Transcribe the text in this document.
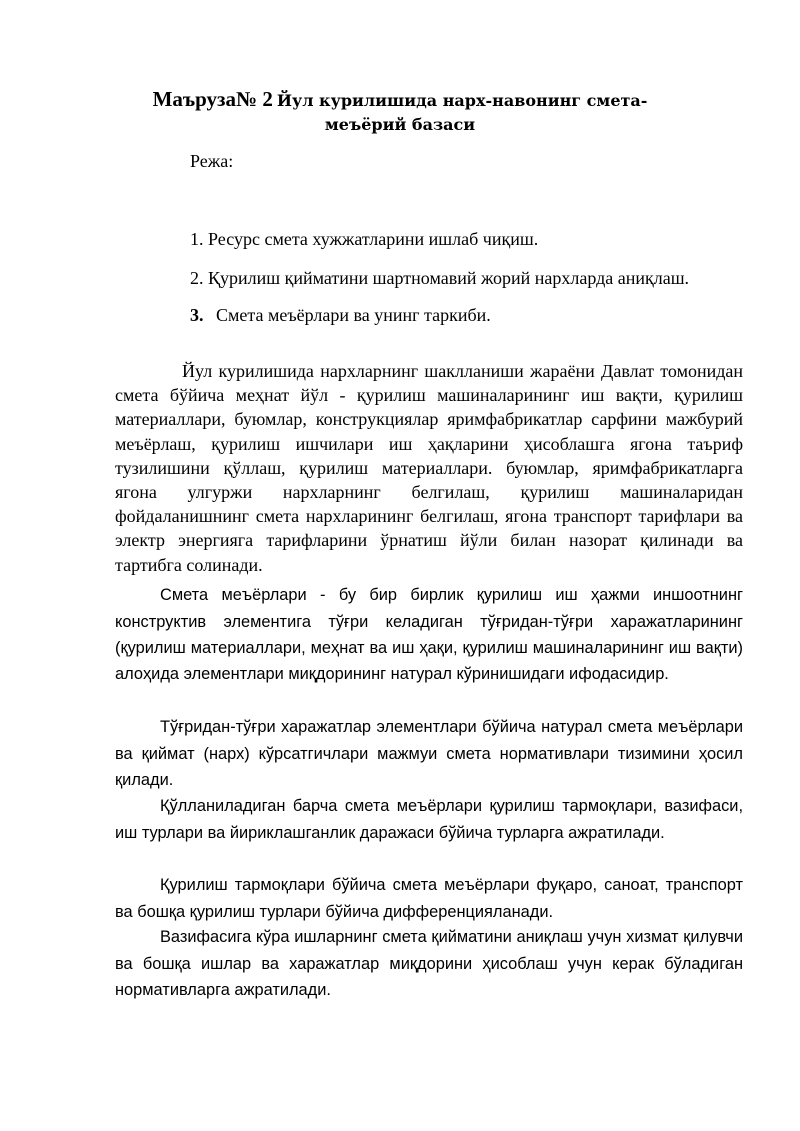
Маъруза№ 2 Йул курилишида нарх-навонинг смета-
меъёрий базаси
Режа:
1. Ресурс смета хужжатларини ишлаб чиқиш.
2. Қурилиш қийматини шартномавий жорий нархларда аниқлаш.
3. Смета меъёрлари ва унинг таркиби.

Йул курилишида нархларнинг шаклланиши жараёни Давлат томонидан смета бўйича меҳнат йўл - қурилиш машиналарининг иш вақти, қурилиш материаллари, буюмлар, конструкциялар яримфабрикатлар сарфини мажбурий меъёрлаш, қурилиш ишчилари иш ҳақларини ҳисоблашга ягона таъриф тузилишини қўллаш, қурилиш материаллари. буюмлар, яримфабрикатларга ягона улгуржи нархларнинг белгилаш, қурилиш машиналаридан фойдаланишнинг смета нархларининг белгилаш, ягона транспорт тарифлари ва электр энергияга тарифларини ўрнатиш йўли билан назорат қилинади ва тартибга солинади.

Смета меъёрлари - бу бир бирлик қурилиш иш ҳажми иншоотнинг конструктив элементига тўғри келадиган тўғридан-тўғри харажатларининг (қурилиш материаллари, меҳнат ва иш ҳақи, қурилиш машиналарининг иш вақти) алоҳида элементлари миқдорининг натурал кўринишидаги ифодасидир.

Тўғридан-тўғри харажатлар элементлари бўйича натурал смета меъёрлари ва қиймат (нарх) кўрсатгичлари мажмуи смета нормативлари тизимини ҳосил қилади.

Қўлланиладиган барча смета меъёрлари қурилиш тармоқлари, вазифаси, иш турлари ва йириклашганлик даражаси бўйича турларга ажратилади.

Қурилиш тармоқлари бўйича смета меъёрлари фуқаро, саноат, транспорт ва бошқа қурилиш турлари бўйича дифференцияланади.

Вазифасига кўра ишларнинг смета қийматини аниқлаш учун хизмат қилувчи ва бошқа ишлар ва харажатлар миқдорини ҳисоблаш учун керак бўладиган нормативларга ажратилади.
